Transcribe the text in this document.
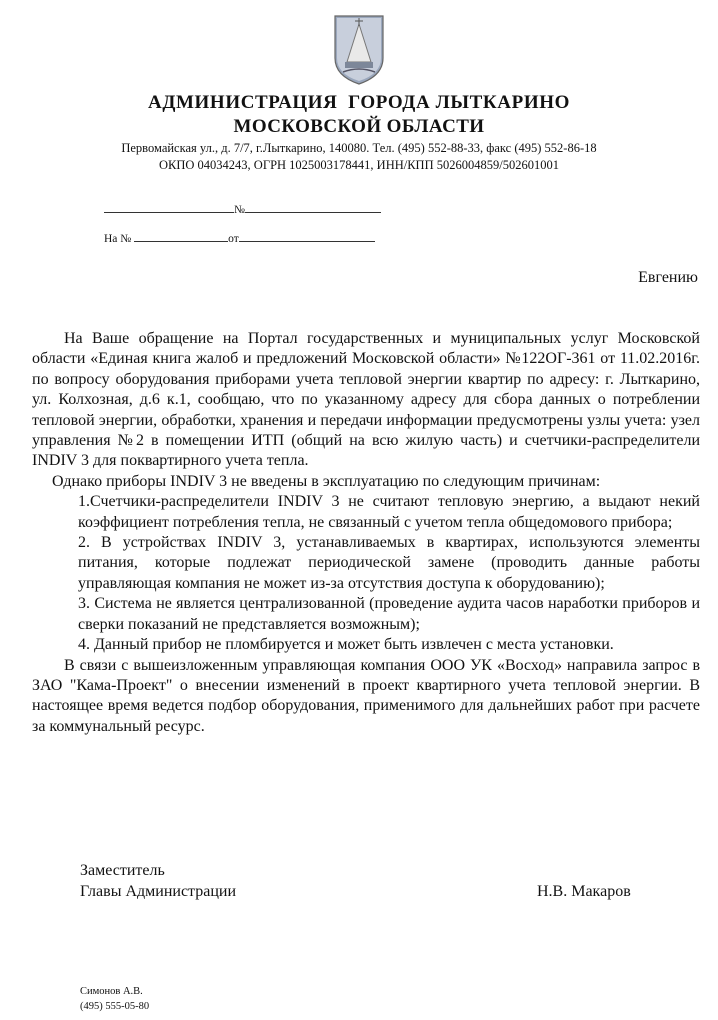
АДМИНИСТРАЦИЯ  ГОРОДА ЛЫТКАРИНО
МОСКОВСКОЙ ОБЛАСТИ
Первомайская ул., д. 7/7, г.Лыткарино, 140080. Тел. (495) 552-88-33, факс (495) 552-86-18
ОКПО 04034243, ОГРН 1025003178441, ИНН/КПП 5026004859/502601001
№
На №	от
Евгению

На Ваше обращение на Портал государственных и муниципальных услуг Московской области «Единая книга жалоб и предложений Московской области» №122ОГ-361 от 11.02.2016г. по вопросу оборудования приборами учета тепловой энергии квартир по адресу: г. Лыткарино, ул. Колхозная, д.6 к.1, сообщаю, что по указанному адресу для сбора данных о потреблении тепловой энергии, обработки, хранения и передачи информации предусмотрены узлы учета: узел управления №2 в помещении ИТП (общий на всю жилую часть) и счетчики-распределители INDIV 3 для поквартирного учета тепла.

Однако приборы INDIV 3 не введены в эксплуатацию по следующим причинам:

1.Счетчики-распределители INDIV 3 не считают тепловую энергию, а выдают некий коэффициент потребления тепла, не связанный с учетом тепла общедомового прибора;

2. В устройствах INDIV 3, устанавливаемых в квартирах, используются элементы питания, которые подлежат периодической замене (проводить данные работы управляющая компания не может из-за отсутствия доступа к оборудованию);

3. Система не является централизованной (проведение аудита часов наработки приборов и сверки показаний не представляется возможным);

4. Данный прибор не пломбируется и может быть извлечен с места установки.

В связи с вышеизложенным управляющая компания ООО УК «Восход» направила запрос в ЗАО "Кама-Проект" о внесении изменений в проект квартирного учета тепловой энергии. В настоящее время ведется подбор оборудования, применимого для дальнейших работ при расчете за коммунальный ресурс.

Заместитель
Главы Администрации	Н.В. Макаров
Симонов А.В.
(495) 555-05-80
